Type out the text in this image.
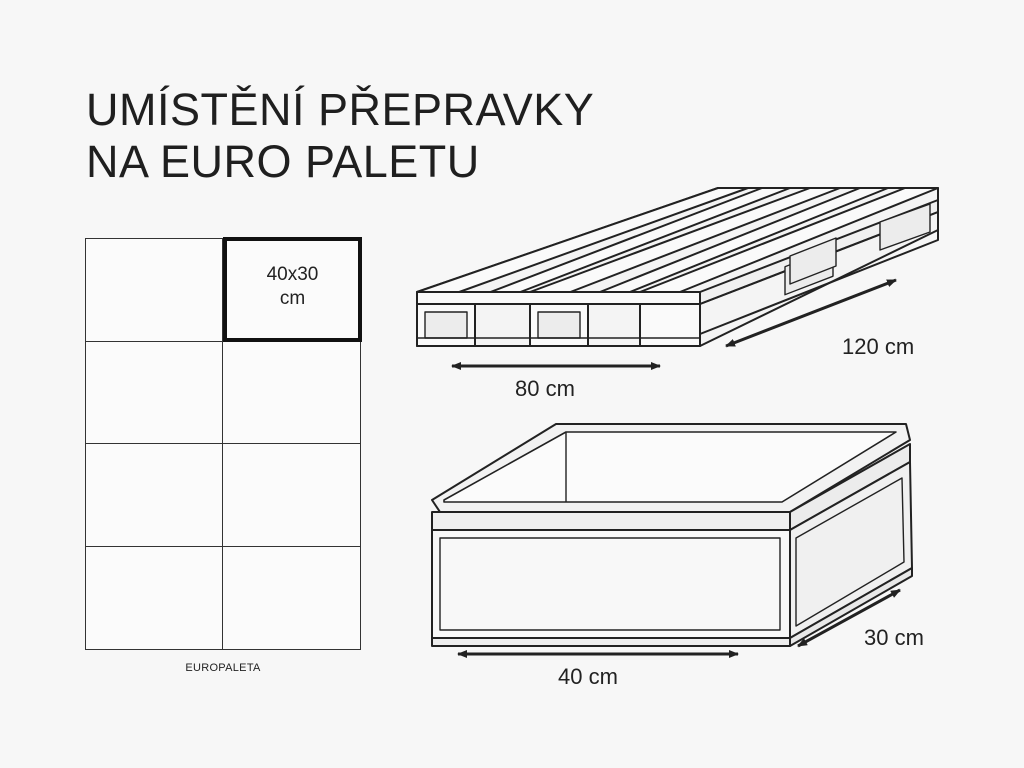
UMÍSTĚNÍ PŘEPRAVKY
NA EURO PALETU
40x30
cm
EUROPALETA
80 cm
120 cm
40 cm
30 cm
